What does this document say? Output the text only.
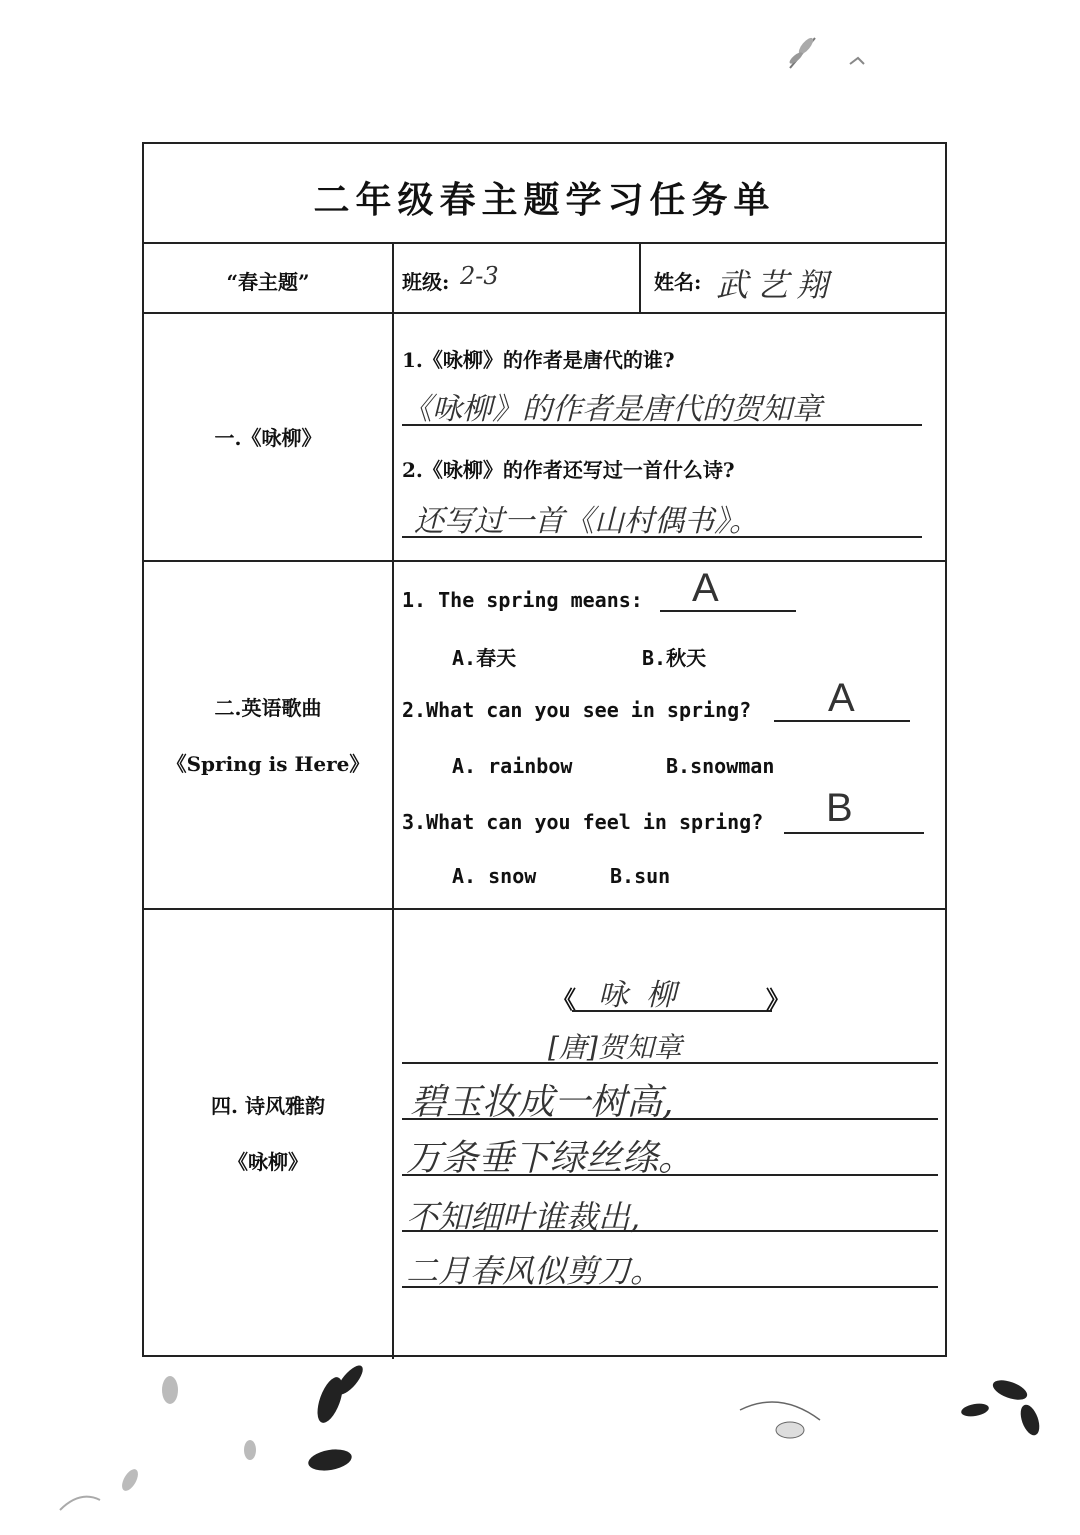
二年级春主题学习任务单
“春主题”	班级: 2-3	姓名: 武艺翔
一.《咏柳》
1.《咏柳》的作者是唐代的谁?
《咏柳》的作者是唐代的贺知章
2.《咏柳》的作者还写过一首什么诗?
还写过一首《山村偶书》。
二.英语歌曲
《Spring is Here》
1. The spring means: A
A.春天	B.秋天
2.What can you see in spring? A
A. rainbow	B.snowman
3.What can you feel in spring? B
A. snow	B.sun
四. 诗风雅韵
《咏柳》
《 咏柳	》
[唐]贺知章
碧玉妆成一树高,
万条垂下绿丝绦。
不知细叶谁裁出,
二月春风似剪刀。
